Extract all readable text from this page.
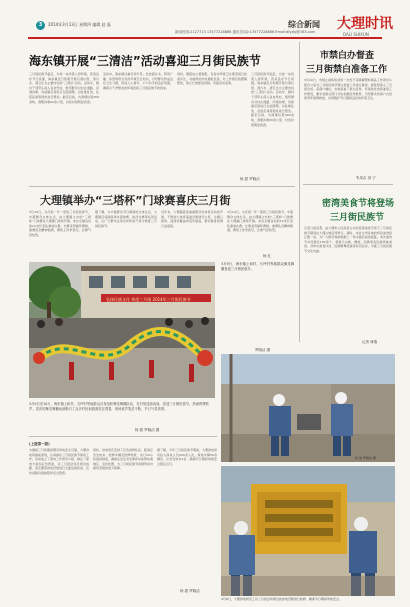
3	2014年3月13日 星期四 编辑 赵 磊
新闻热线:2127713 13577228866 通讯员QQ:13577228866 Email:dlyzbj@163.com
综合新闻 大理时讯
DALI SHIXUN
海东镇开展“三清洁”活动喜迎三月街民族节
三月街民族节临近，为进一步改善人居环境，营造良好节日氛围，海东镇近日积极开展以清垃圾、清污水、清卫生为主要内容的“三清洁”活动。活动中，镇村干部带头深入各自然村，组织群众对村庄道路、河道沟渠、房前屋后等进行全面清理，对乱堆乱放、乱搭乱建等现象进行整治。截至目前，共清理垃圾300余吨，清理沟渠20余公里，村容村貌明显改善。
活动中，海东镇注重宣传引导，发放倡议书，利用广播、标语等形式宣传环境卫生知识，引导群众养成良好卫生习惯，形成人人参与、户户动手的良好氛围，确保以干净整洁的环境迎接三月街民族节的到来。
同时，镇里成立督查组，对各村环境卫生情况进行检查评比，对做得好的村通报表扬，对工作滞后的限期整改，建立长效保洁机制，巩固活动成果。
三月街民族节临近，为进一步改善人居环境，营造良好节日氛围，海东镇近日积极开展以清垃圾、清污水、清卫生为主要内容的“三清洁”活动。活动中，镇村干部带头深入各自然村，组织群众对村庄道路、河道沟渠、房前屋后等进行全面清理，对乱堆乱放、乱搭乱建等现象进行整治。截至目前，共清理垃圾300余吨，清理沟渠20余公里，村容村貌明显改善。
杨 甜 罗晓洁
大理镇举办“三塔杯”门球赛喜庆三月街
3月10日，为庆祝一年一度的三月街民族节，丰富群众文体生活，由大理镇主办的“三塔杯”门球赛在大理镇门球场开幕。来自全镇各村的12支代表队参加比赛。比赛采用循环赛制，参赛队员精神饱满，赛场上你争我夺，比赛气氛热烈。
据了解，为丰富群众节日期间的文体生活，大理镇还将陆续举办篮球赛、拔河比赛等系列活动，让广大群众在欢乐祥和的气氛中欢度三月街民族节。
近年来，大理镇高度重视群众性体育活动的开展，不断加大体育基础设施建设力度，全镇门球场、篮球场覆盖率逐年提高，群众健身热情日益高涨。
3月10日，为庆祝一年一度的三月街民族节，丰富群众文体生活，由大理镇主办的“三塔杯”门球赛在大理镇门球场开幕。来自全镇各村的12支代表队参加比赛。比赛采用循环赛制，参赛队员精神饱满，赛场上你争我夺，比赛气氛热烈。
杨 红
弘扬民族文化 欢度三月街 2014年三月街民族节
3月9日，海东镇上和村、石坪村等地群众舞龙舞狮喜迎三月街民族节。
罗晓洁 摄
3月9日至10日，海东镇上和村、石坪村等地群众自发组织舞龙舞狮队伍，在村里巡游表演，喜迎三月街民族节。热闹的锣鼓声、喜庆的舞龙舞狮表演吸引了众多村民和游客驻足观看，现场欢声笑语不断，节日气氛浓厚。
杨 甜 罗晓洁 摄
(上接第一版)
为确保三月街期间群众用电安全可靠，大理供电局提前谋划，认真做好三月街民族节保电工作。该局成立了保电工作领导小组，制定了保电方案和应急预案，对三月街会场及周边线路、变压器等供电设施进行全面巡视检查，及时消除设备缺陷和安全隐患。
同时，供电局还安排了应急抢修队伍，配备应急发电车、抢修车辆及抢修物资，实行24小时值班制度，确保在发生突发事件时能够快速响应、及时处置，为三月街民族节的顺利举办提供坚强的电力保障。
据了解，今年三月街民族节期间，大理供电局共投入保电人员200余人次，保电车辆50余辆次，应急发电车2台，确保节日期间电网安全稳定运行。
杨 甜 罗晓洁
市禁白办督查
三月街禁白准备工作
3月10日，市禁止销售和使用一次性不可降解塑料制品工作领导小组办公室对三月街民族节禁白准备工作进行督查。督查组深入三月街会场、各商户摊位，实地查看了禁白宣传、环保袋发放等准备工作情况，要求各相关部门切实加强宣传教育，引导群众和商户自觉使用环保购物袋，共同维护节日期间良好的环境卫生。
朱凤吉 刘 宁
密湾美食节将登场
三月街民族节
记者日前获悉，由大理市人民政府主办的密湾美食节将于三月街民族节期间在大理古城密湾举行。届时，来自全州各地的特色美食将汇聚一堂，为广大群众和游客献上一场丰盛的美食盛宴。本次美食节共设展位100余个，将展示白族、彝族、回族等各民族风味美食，并举办美食评选、民族歌舞表演等系列活动，丰富三月街民族节文化内涵。
记者 林瑞
3月8日，大理供电局员工对三月街会场周边的供电设施进行检修，确保节日期间用电安全。
杨 甜 罗晓洁 摄
